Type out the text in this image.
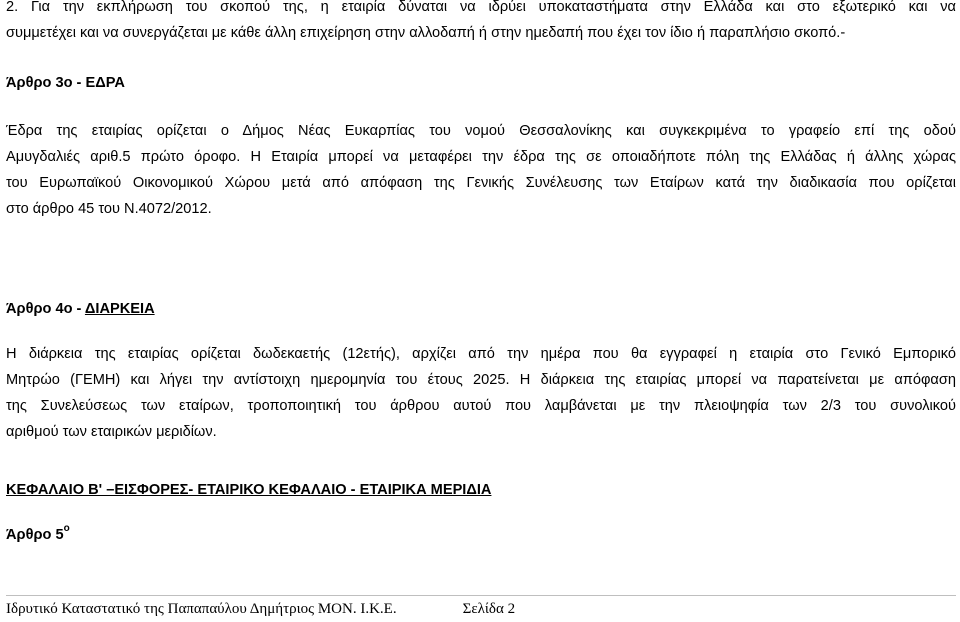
2. Για την εκπλήρωση του σκοπού της, η εταιρία δύναται να ιδρύει υποκαταστήματα στην Ελλάδα και στο εξωτερικό και να

συμμετέχει και να συνεργάζεται με κάθε άλλη επιχείρηση στην αλλοδαπή ή στην ημεδαπή που έχει τον ίδιο ή παραπλήσιο σκοπό.-

Άρθρο 3ο - ΕΔΡΑ

Έδρα της εταιρίας ορίζεται ο Δήμος Νέας Ευκαρπίας του νομού Θεσσαλονίκης και συγκεκριμένα το γραφείο επί της οδού

Αμυγδαλιές αριθ.5 πρώτο όροφο. Η Εταιρία μπορεί να μεταφέρει την έδρα της σε οποιαδήποτε πόλη της Ελλάδας ή άλλης χώρας

του Ευρωπαϊκού Οικονομικού Χώρου μετά από απόφαση της Γενικής Συνέλευσης των Εταίρων κατά την διαδικασία που ορίζεται

στο άρθρο 45 του Ν.4072/2012.

Άρθρο 4ο - ΔΙΑΡΚΕΙΑ

Η διάρκεια της εταιρίας ορίζεται δωδεκαετής (12ετής), αρχίζει από την ημέρα που θα εγγραφεί η εταιρία στο Γενικό Εμπορικό

Μητρώο (ΓΕΜΗ) και λήγει την αντίστοιχη ημερομηνία του έτους 2025. Η διάρκεια της εταιρίας μπορεί να παρατείνεται με απόφαση

της Συνελεύσεως των εταίρων, τροποποιητική του άρθρου αυτού που λαμβάνεται με την πλειοψηφία των 2/3 του συνολικού

αριθμού των εταιρικών μεριδίων.

ΚΕΦΑΛΑΙΟ Β' –ΕΙΣΦΟΡΕΣ- ΕΤΑΙΡΙΚΟ ΚΕΦΑΛΑΙΟ - ΕΤΑΙΡΙΚΑ ΜΕΡΙΔΙΑ

Άρθρο $5^o$

Ιδρυτικό Καταστατικό της Παπαπαύλου Δημήτριος ΜΟΝ. Ι.Κ.Ε.	Σελίδα 2
